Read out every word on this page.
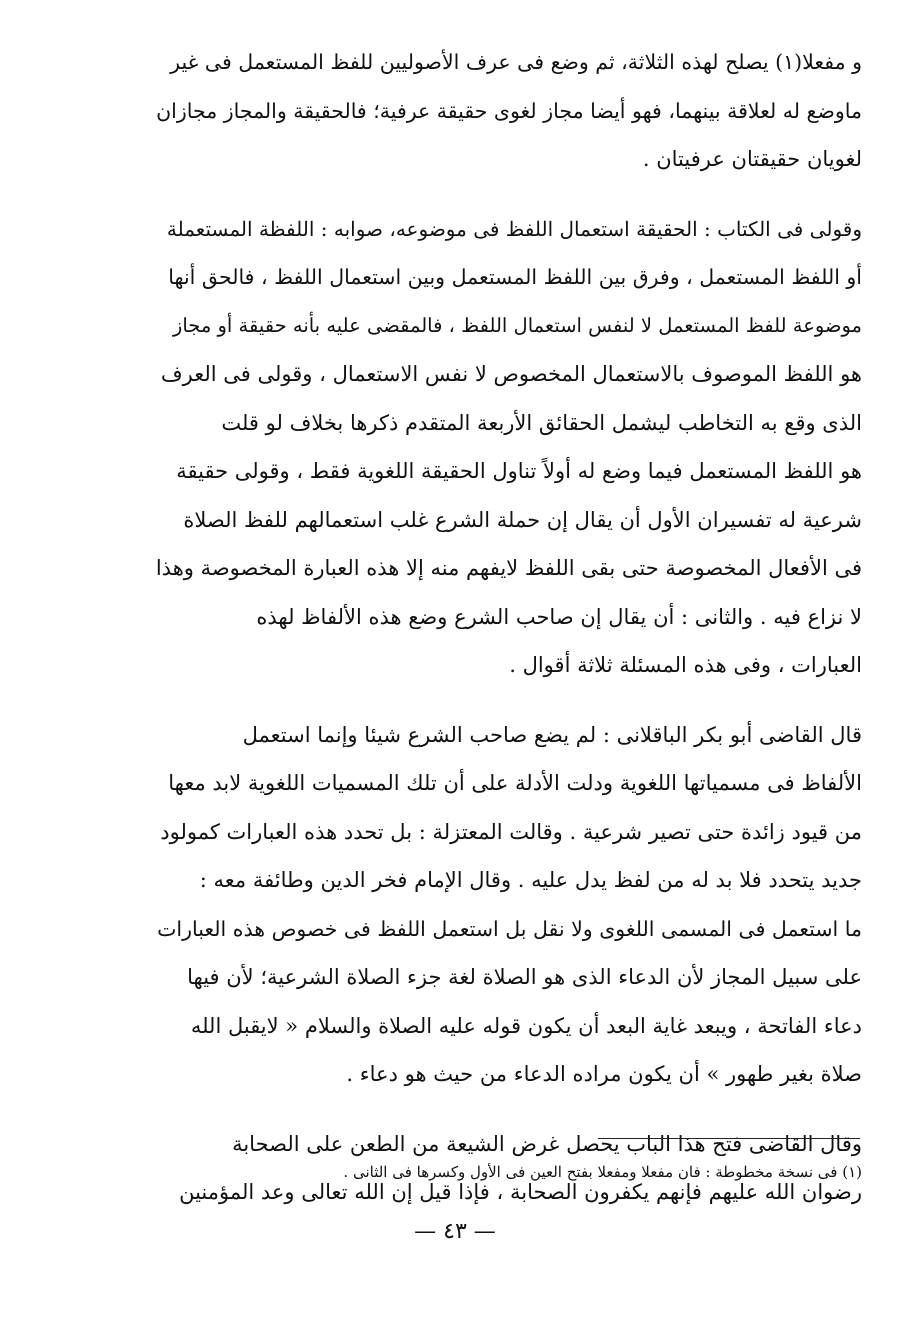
و مفعلا(١) يصلح لهذه الثلاثة، ثم وضع فى عرف الأصوليين للفظ المستعمل فى غير
ماوضع له لعلاقة بينهما، فهو أيضا مجاز لغوى حقيقة عرفية؛ فالحقيقة والمجاز مجازان
لغويان حقيقتان عرفيتان .

وقولى فى الكتاب : الحقيقة استعمال اللفظ فى موضوعه، صوابه : اللفظة المستعملة
أو اللفظ المستعمل ، وفرق بين اللفظ المستعمل وبين استعمال اللفظ ، فالحق أنها
موضوعة للفظ المستعمل لا لنفس استعمال اللفظ ، فالمقضى عليه بأنه حقيقة أو مجاز
هو اللفظ الموصوف بالاستعمال المخصوص لا نفس الاستعمال ، وقولى فى العرف
الذى وقع به التخاطب ليشمل الحقائق الأربعة المتقدم ذكرها بخلاف لو قلت
هو اللفظ المستعمل فيما وضع له أولاً تناول الحقيقة اللغوية فقط ، وقولى حقيقة
شرعية له تفسيران الأول أن يقال إن حملة الشرع غلب استعمالهم للفظ الصلاة
فى الأفعال المخصوصة حتى بقى اللفظ لايفهم منه إلا هذه العبارة المخصوصة وهذا
لا نزاع فيه . والثانى : أن يقال إن صاحب الشرع وضع هذه الألفاظ لهذه
العبارات ، وفى هذه المسئلة ثلاثة أقوال .

قال القاضى أبو بكر الباقلانى : لم يضع صاحب الشرع شيئا وإنما استعمل
الألفاظ فى مسمياتها اللغوية ودلت الأدلة على أن تلك المسميات اللغوية لابد معها
من قيود زائدة حتى تصير شرعية . وقالت المعتزلة : بل تحدد هذه العبارات كمولود
جديد يتحدد فلا بد له من لفظ يدل عليه . وقال الإمام فخر الدين وطائفة معه :
ما استعمل فى المسمى اللغوى ولا نقل بل استعمل اللفظ فى خصوص هذه العبارات
على سبيل المجاز لأن الدعاء الذى هو الصلاة لغة جزء الصلاة الشرعية؛ لأن فيها
دعاء الفاتحة ، ويبعد غاية البعد أن يكون قوله عليه الصلاة والسلام « لايقبل الله
صلاة بغير طهور » أن يكون مراده الدعاء من حيث هو دعاء .

وقال القاضى فتح هذا الباب يحصل غرض الشيعة من الطعن على الصحابة
رضوان الله عليهم فإنهم يكفرون الصحابة ، فإذا قيل إن الله تعالى وعد المؤمنين

(١) فى نسخة مخطوطة : فان مفعلا ومفعلا بفتح العين فى الأول وكسرها فى الثانى .
— ٤٣ —
